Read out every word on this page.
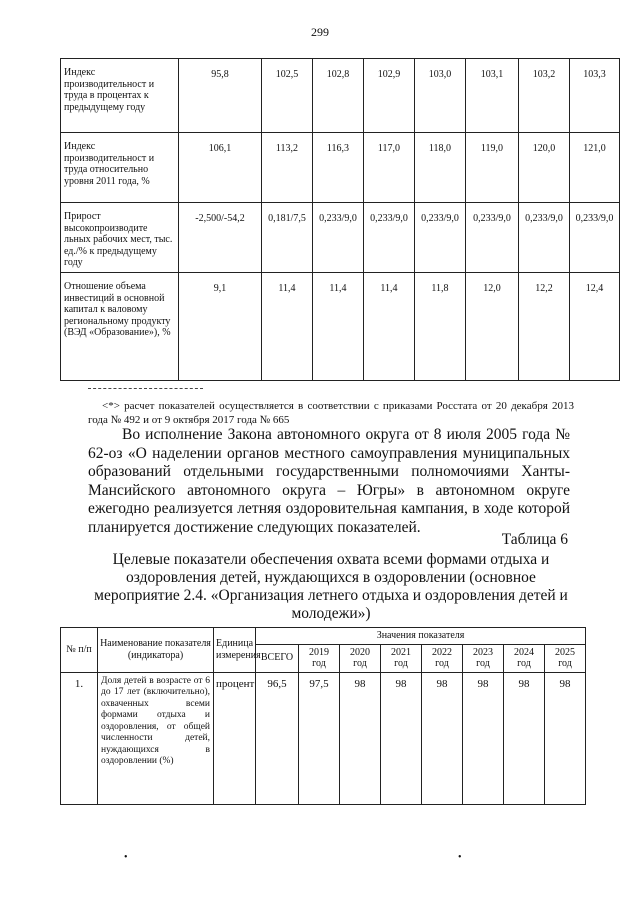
299
Индекс производительност и труда в процентах к предыдущему году	95,8	102,5	102,8	102,9	103,0	103,1	103,2	103,3
Индекс производительност и труда относительно уровня 2011 года, %	106,1	113,2	116,3	117,0	118,0	119,0	120,0	121,0
Прирост высокопроизводите льных рабочих мест, тыс. ед./% к предыдущему году	-2,500/-54,2	0,181/7,5	0,233/9,0	0,233/9,0	0,233/9,0	0,233/9,0	0,233/9,0	0,233/9,0
Отношение объема инвестиций в основной капитал к валовому региональному продукту (ВЭД «Образование»), %	9,1	11,4	11,4	11,4	11,8	12,0	12,2	12,4
<*> расчет показателей осуществляется в соответствии с приказами Росстата от 20 декабря 2013 года № 492 и от 9 октября 2017 года № 665
Во исполнение Закона автономного округа от 8 июля 2005 года № 62-оз «О наделении органов местного самоуправления муниципальных образований отдельными государственными полномочиями Ханты-Мансийского автономного округа – Югры» в автономном округе ежегодно реализуется летняя оздоровительная кампания, в ходе которой планируется достижение следующих показателей.
Таблица 6
Целевые показатели обеспечения охвата всеми формами отдыха и оздоровления детей, нуждающихся в оздоровлении (основное мероприятие 2.4. «Организация летнего отдыха и оздоровления детей и молодежи»)
№ п/п	Наименование показателя (индикатора)	Единица измерения	Значения показателя							
			ВСЕГО	2019 год	2020 год	2021 год	2022 год	2023 год	2024 год	2025 год
1.	Доля детей в возрасте от 6 до 17 лет (включительно), охваченных всеми формами отдыха и оздоровления, от общей численности детей, нуждающихся в оздоровлении (%)	процент	96,5	97,5	98	98	98	98	98	98
•	•
